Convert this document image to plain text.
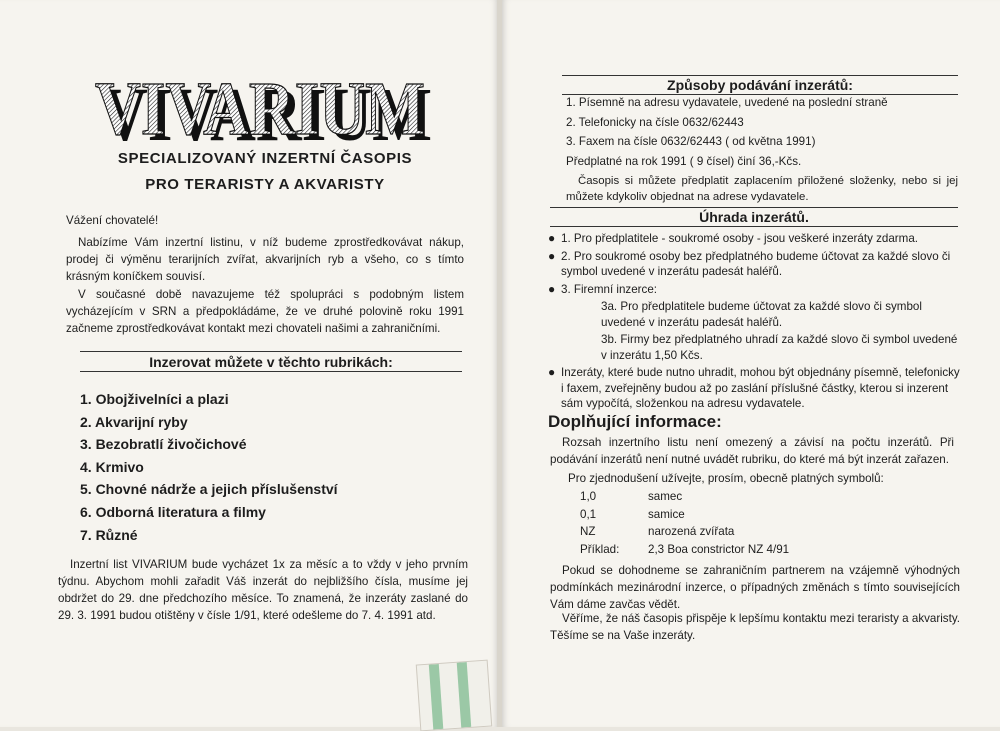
VIVARIUM
VIVARIUM

SPECIALIZOVANÝ INZERTNÍ ČASOPIS

PRO TERARISTY A AKVARISTY

Vážení chovatelé!

Nabízíme Vám inzertní listinu, v níž budeme zprostředkovávat nákup, prodej či výměnu terarijních zvířat, akvarijních ryb a všeho, co s tímto krásným koníčkem souvisí.

V současné době navazujeme též spolupráci s podobným listem vycházejícím v SRN a předpokládáme, že ve druhé polovině roku 1991 začneme zprostředkovávat kontakt mezi chovateli našimi a zahraničními.

Inzerovat můžete v těchto rubrikách:

1. Obojživelníci a plazi
2. Akvarijní ryby
3. Bezobratlí živočichové
4. Krmivo
5. Chovné nádrže a jejich příslušenství
6. Odborná literatura a filmy
7. Různé

Inzertní list VIVARIUM bude vycházet 1x za měsíc a to vždy v jeho prvním týdnu. Abychom mohli zařadit Váš inzerát do nejbližšího čísla, musíme jej obdržet do 29. dne předchozího měsíce. To znamená, že inzeráty zaslané do 29. 3. 1991 budou otištěny v čísle 1/91, které odešleme do 7. 4. 1991 atd.

Způsoby podávání inzerátů:

1. Písemně na adresu vydavatele, uvedené na poslední straně
2. Telefonicky na čísle 0632/62443
3. Faxem na čísle 0632/62443 ( od května 1991)
Předplatné na rok 1991 ( 9 čísel) činí 36,-Kčs.

Časopis si můžete předplatit zaplacením přiložené složenky, nebo si jej můžete kdykoliv objednat na adrese vydavatele.

Úhrada inzerátů.

● 1. Pro předplatitele - soukromé osoby - jsou veškeré inzeráty zdarma.
● 2. Pro soukromé osoby bez předplatného budeme účtovat za každé slovo či symbol uvedené v inzerátu padesát haléřů.
● 3. Firemní inzerce:
3a. Pro předplatitele budeme účtovat za každé slovo či symbol uvedené v inzerátu padesát haléřů.
3b. Firmy bez předplatného uhradí za každé slovo či symbol uvedené v inzerátu 1,50 Kčs.
● Inzeráty, které bude nutno uhradit, mohou být objednány písemně, telefonicky i faxem, zveřejněny budou až po zaslání příslušné částky, kterou si inzerent sám vypočítá, složenkou na adresu vydavatele.

Doplňující informace:

Rozsah inzertního listu není omezený a závisí na počtu inzerátů. Při podávání inzerátů není nutné uvádět rubriku, do které má být inzerát zařazen.

Pro zjednodušení užívejte, prosím, obecně platných symbolů:

1,0	samec
0,1	samice
NZ	narozená zvířata
Příklad:	2,3 Boa constrictor NZ 4/91

Pokud se dohodneme se zahraničním partnerem na vzájemně výhodných podmínkách mezinárodní inzerce, o případných změnách s tímto souvisejících Vám dáme zavčas vědět.

Věříme, že náš časopis přispěje k lepšímu kontaktu mezi teraristy a akvaristy. Těšíme se na Vaše inzeráty.
